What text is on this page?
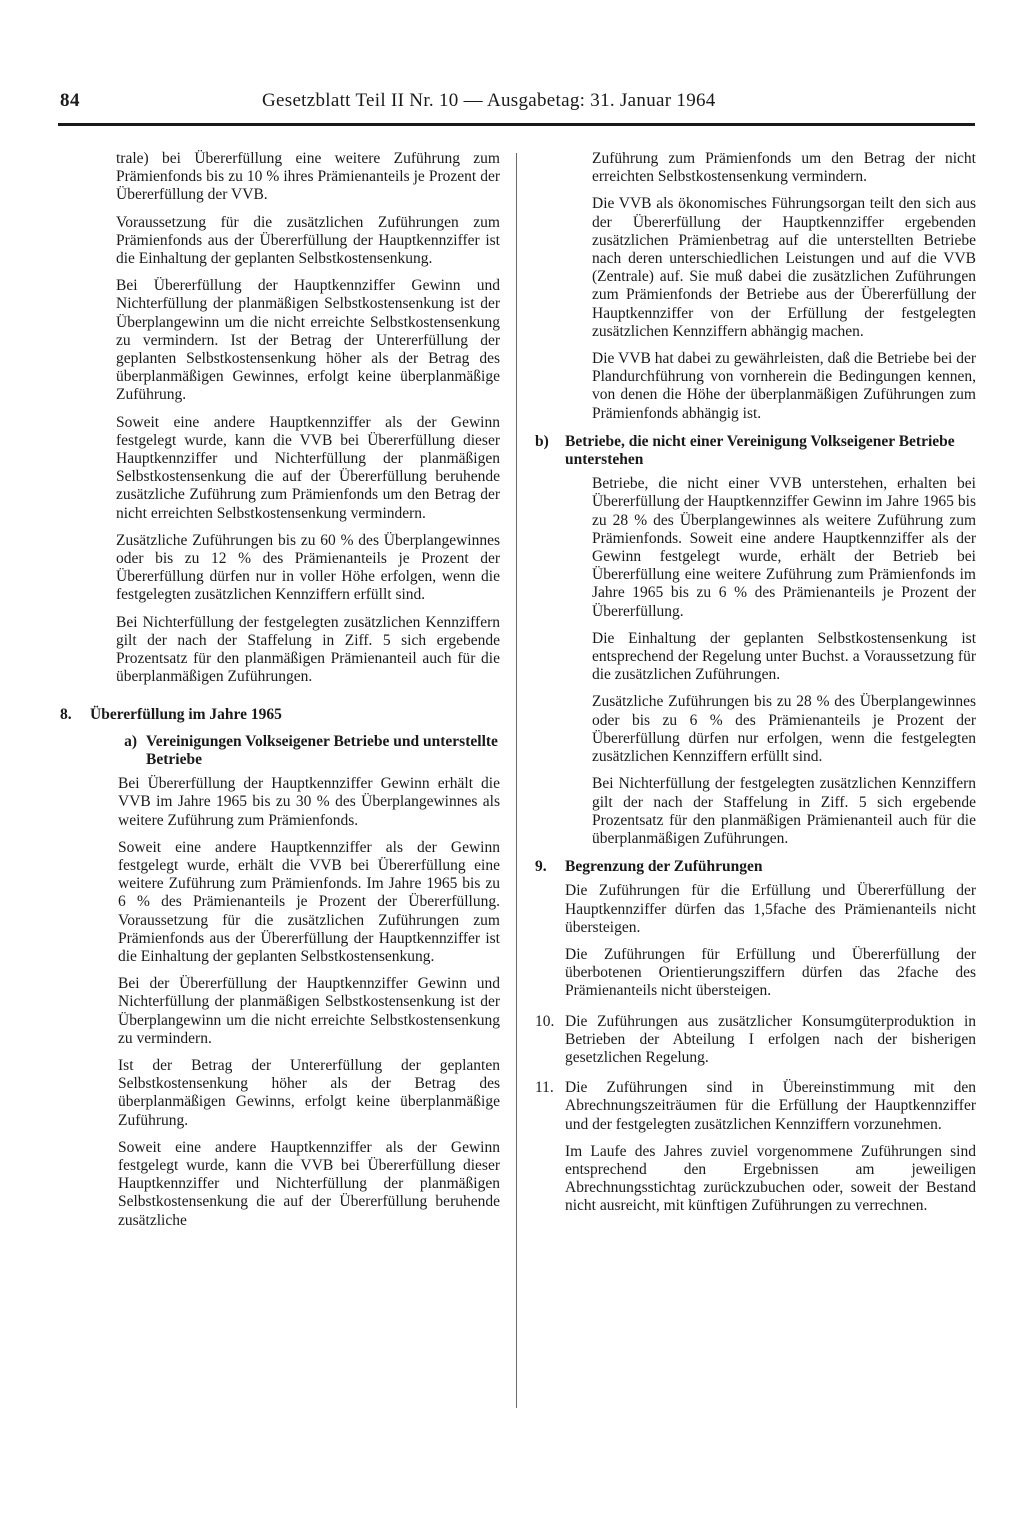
84	Gesetzblatt Teil II Nr. 10 — Ausgabetag: 31. Januar 1964

trale) bei Übererfüllung eine weitere Zuführung zum Prämienfonds bis zu 10 % ihres Prämienanteils je Prozent der Übererfüllung der VVB.

Voraussetzung für die zusätzlichen Zuführungen zum Prämienfonds aus der Übererfüllung der Hauptkennziffer ist die Einhaltung der geplanten Selbstkostensenkung.

Bei Übererfüllung der Hauptkennziffer Gewinn und Nichterfüllung der planmäßigen Selbstkostensenkung ist der Überplangewinn um die nicht erreichte Selbstkostensenkung zu vermindern. Ist der Betrag der Untererfüllung der geplanten Selbstkostensenkung höher als der Betrag des überplanmäßigen Gewinnes, erfolgt keine überplanmäßige Zuführung.

Soweit eine andere Hauptkennziffer als der Gewinn festgelegt wurde, kann die VVB bei Übererfüllung dieser Hauptkennziffer und Nichterfüllung der planmäßigen Selbstkostensenkung die auf der Übererfüllung beruhende zusätzliche Zuführung zum Prämienfonds um den Betrag der nicht erreichten Selbstkostensenkung vermindern.

Zusätzliche Zuführungen bis zu 60 % des Überplangewinnes oder bis zu 12 % des Prämienanteils je Prozent der Übererfüllung dürfen nur in voller Höhe erfolgen, wenn die festgelegten zusätzlichen Kennziffern erfüllt sind.

Bei Nichterfüllung der festgelegten zusätzlichen Kennziffern gilt der nach der Staffelung in Ziff. 5 sich ergebende Prozentsatz für den planmäßigen Prämienanteil auch für die überplanmäßigen Zuführungen.

8.	Übererfüllung im Jahre 1965
a) Vereinigungen Volkseigener Betriebe und unterstellte Betriebe

Bei Übererfüllung der Hauptkennziffer Gewinn erhält die VVB im Jahre 1965 bis zu 30 % des Überplangewinnes als weitere Zuführung zum Prämienfonds.

Soweit eine andere Hauptkennziffer als der Gewinn festgelegt wurde, erhält die VVB bei Übererfüllung eine weitere Zuführung zum Prämienfonds. Im Jahre 1965 bis zu 6 % des Prämienanteils je Prozent der Übererfüllung. Voraussetzung für die zusätzlichen Zuführungen zum Prämienfonds aus der Übererfüllung der Hauptkennziffer ist die Einhaltung der geplanten Selbstkostensenkung.

Bei der Übererfüllung der Hauptkennziffer Gewinn und Nichterfüllung der planmäßigen Selbstkostensenkung ist der Überplangewinn um die nicht erreichte Selbstkostensenkung zu vermindern.

Ist der Betrag der Untererfüllung der geplanten Selbstkostensenkung höher als der Betrag des überplanmäßigen Gewinns, erfolgt keine überplanmäßige Zuführung.

Soweit eine andere Hauptkennziffer als der Gewinn festgelegt wurde, kann die VVB bei Übererfüllung dieser Hauptkennziffer und Nichterfüllung der planmäßigen Selbstkostensenkung die auf der Übererfüllung beruhende zusätzliche

Zuführung zum Prämienfonds um den Betrag der nicht erreichten Selbstkostensenkung vermindern.

Die VVB als ökonomisches Führungsorgan teilt den sich aus der Übererfüllung der Hauptkennziffer ergebenden zusätzlichen Prämienbetrag auf die unterstellten Betriebe nach deren unterschiedlichen Leistungen und auf die VVB (Zentrale) auf. Sie muß dabei die zusätzlichen Zuführungen zum Prämienfonds der Betriebe aus der Übererfüllung der Hauptkennziffer von der Erfüllung der festgelegten zusätzlichen Kennziffern abhängig machen.

Die VVB hat dabei zu gewährleisten, daß die Betriebe bei der Plandurchführung von vornherein die Bedingungen kennen, von denen die Höhe der überplanmäßigen Zuführungen zum Prämienfonds abhängig ist.

b)	Betriebe, die nicht einer Vereinigung Volkseigener Betriebe unterstehen

Betriebe, die nicht einer VVB unterstehen, erhalten bei Übererfüllung der Hauptkennziffer Gewinn im Jahre 1965 bis zu 28 % des Überplangewinnes als weitere Zuführung zum Prämienfonds. Soweit eine andere Hauptkennziffer als der Gewinn festgelegt wurde, erhält der Betrieb bei Übererfüllung eine weitere Zuführung zum Prämienfonds im Jahre 1965 bis zu 6 % des Prämienanteils je Prozent der Übererfüllung.

Die Einhaltung der geplanten Selbstkostensenkung ist entsprechend der Regelung unter Buchst. a Voraussetzung für die zusätzlichen Zuführungen.

Zusätzliche Zuführungen bis zu 28 % des Überplangewinnes oder bis zu 6 % des Prämienanteils je Prozent der Übererfüllung dürfen nur erfolgen, wenn die festgelegten zusätzlichen Kennziffern erfüllt sind.

Bei Nichterfüllung der festgelegten zusätzlichen Kennziffern gilt der nach der Staffelung in Ziff. 5 sich ergebende Prozentsatz für den planmäßigen Prämienanteil auch für die überplanmäßigen Zuführungen.

9.	Begrenzung der Zuführungen

Die Zuführungen für die Erfüllung und Übererfüllung der Hauptkennziffer dürfen das 1,5fache des Prämienanteils nicht übersteigen.

Die Zuführungen für Erfüllung und Übererfüllung der überbotenen Orientierungsziffern dürfen das 2fache des Prämienanteils nicht übersteigen.

10. Die Zuführungen aus zusätzlicher Konsumgüterproduktion in Betrieben der Abteilung I erfolgen nach der bisherigen gesetzlichen Regelung.
11. Die Zuführungen sind in Übereinstimmung mit den Abrechnungszeiträumen für die Erfüllung der Hauptkennziffer und der festgelegten zusätzlichen Kennziffern vorzunehmen.

Im Laufe des Jahres zuviel vorgenommene Zuführungen sind entsprechend den Ergebnissen am jeweiligen Abrechnungsstichtag zurückzubuchen oder, soweit der Bestand nicht ausreicht, mit künftigen Zuführungen zu verrechnen.
